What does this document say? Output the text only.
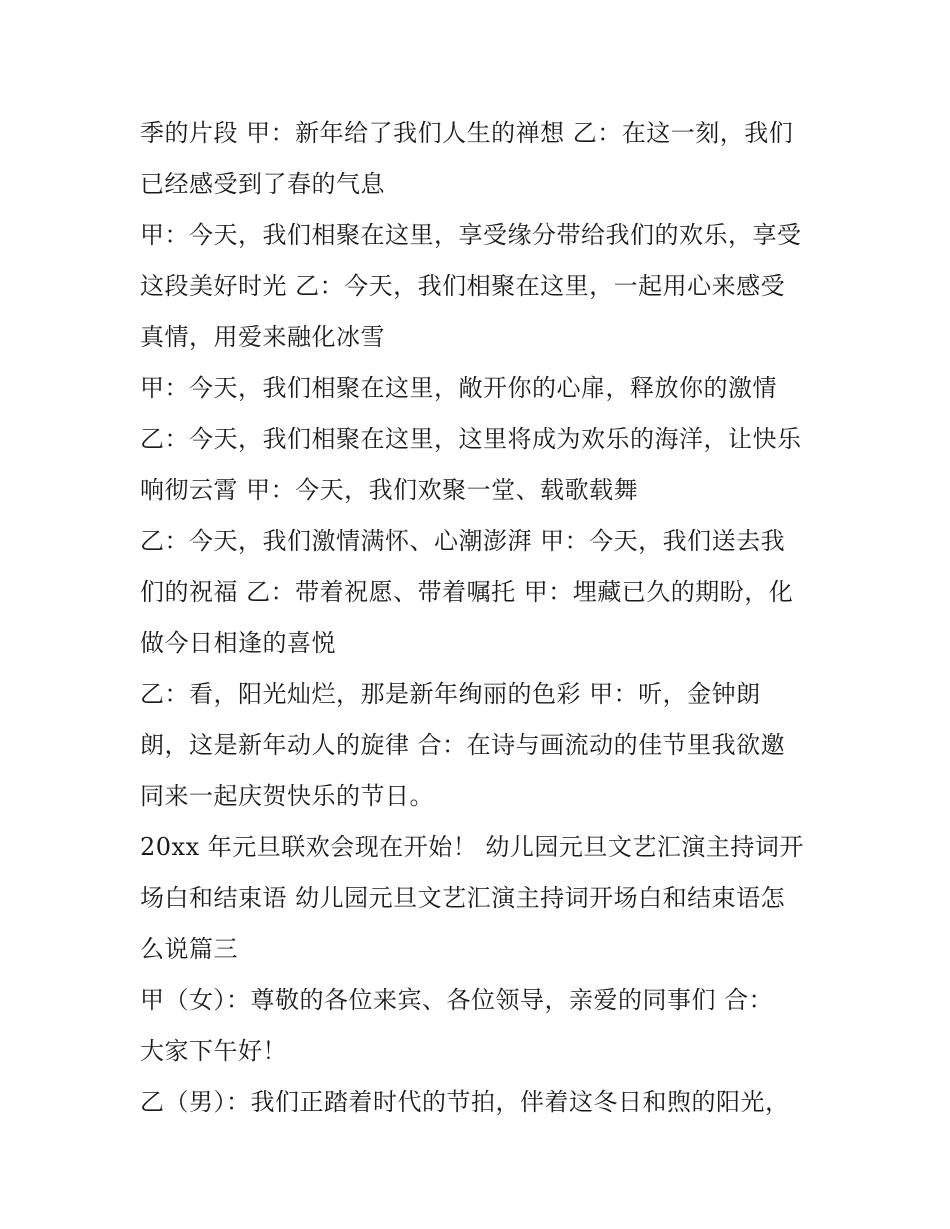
季的片段 甲：新年给了我们人生的禅想 乙：在这一刻，我们
已经感受到了春的气息
甲：今天，我们相聚在这里，享受缘分带给我们的欢乐，享受
这段美好时光 乙：今天，我们相聚在这里，一起用心来感受
真情，用爱来融化冰雪
甲：今天，我们相聚在这里，敞开你的心扉，释放你的激情
乙：今天，我们相聚在这里，这里将成为欢乐的海洋，让快乐
响彻云霄 甲：今天，我们欢聚一堂、载歌载舞
乙：今天，我们激情满怀、心潮澎湃 甲：今天，我们送去我
们的祝福 乙：带着祝愿、带着嘱托 甲：埋藏已久的期盼，化
做今日相逢的喜悦
乙：看，阳光灿烂，那是新年绚丽的色彩 甲：听，金钟朗
朗，这是新年动人的旋律 合：在诗与画流动的佳节里我欲邀
同来一起庆贺快乐的节日。
20xx 年元旦联欢会现在开始！ 幼儿园元旦文艺汇演主持词开
场白和结束语 幼儿园元旦文艺汇演主持词开场白和结束语怎
么说篇三
甲（女）：尊敬的各位来宾、各位领导，亲爱的同事们 合：
大家下午好！
乙（男）：我们正踏着时代的节拍，伴着这冬日和煦的阳光，
